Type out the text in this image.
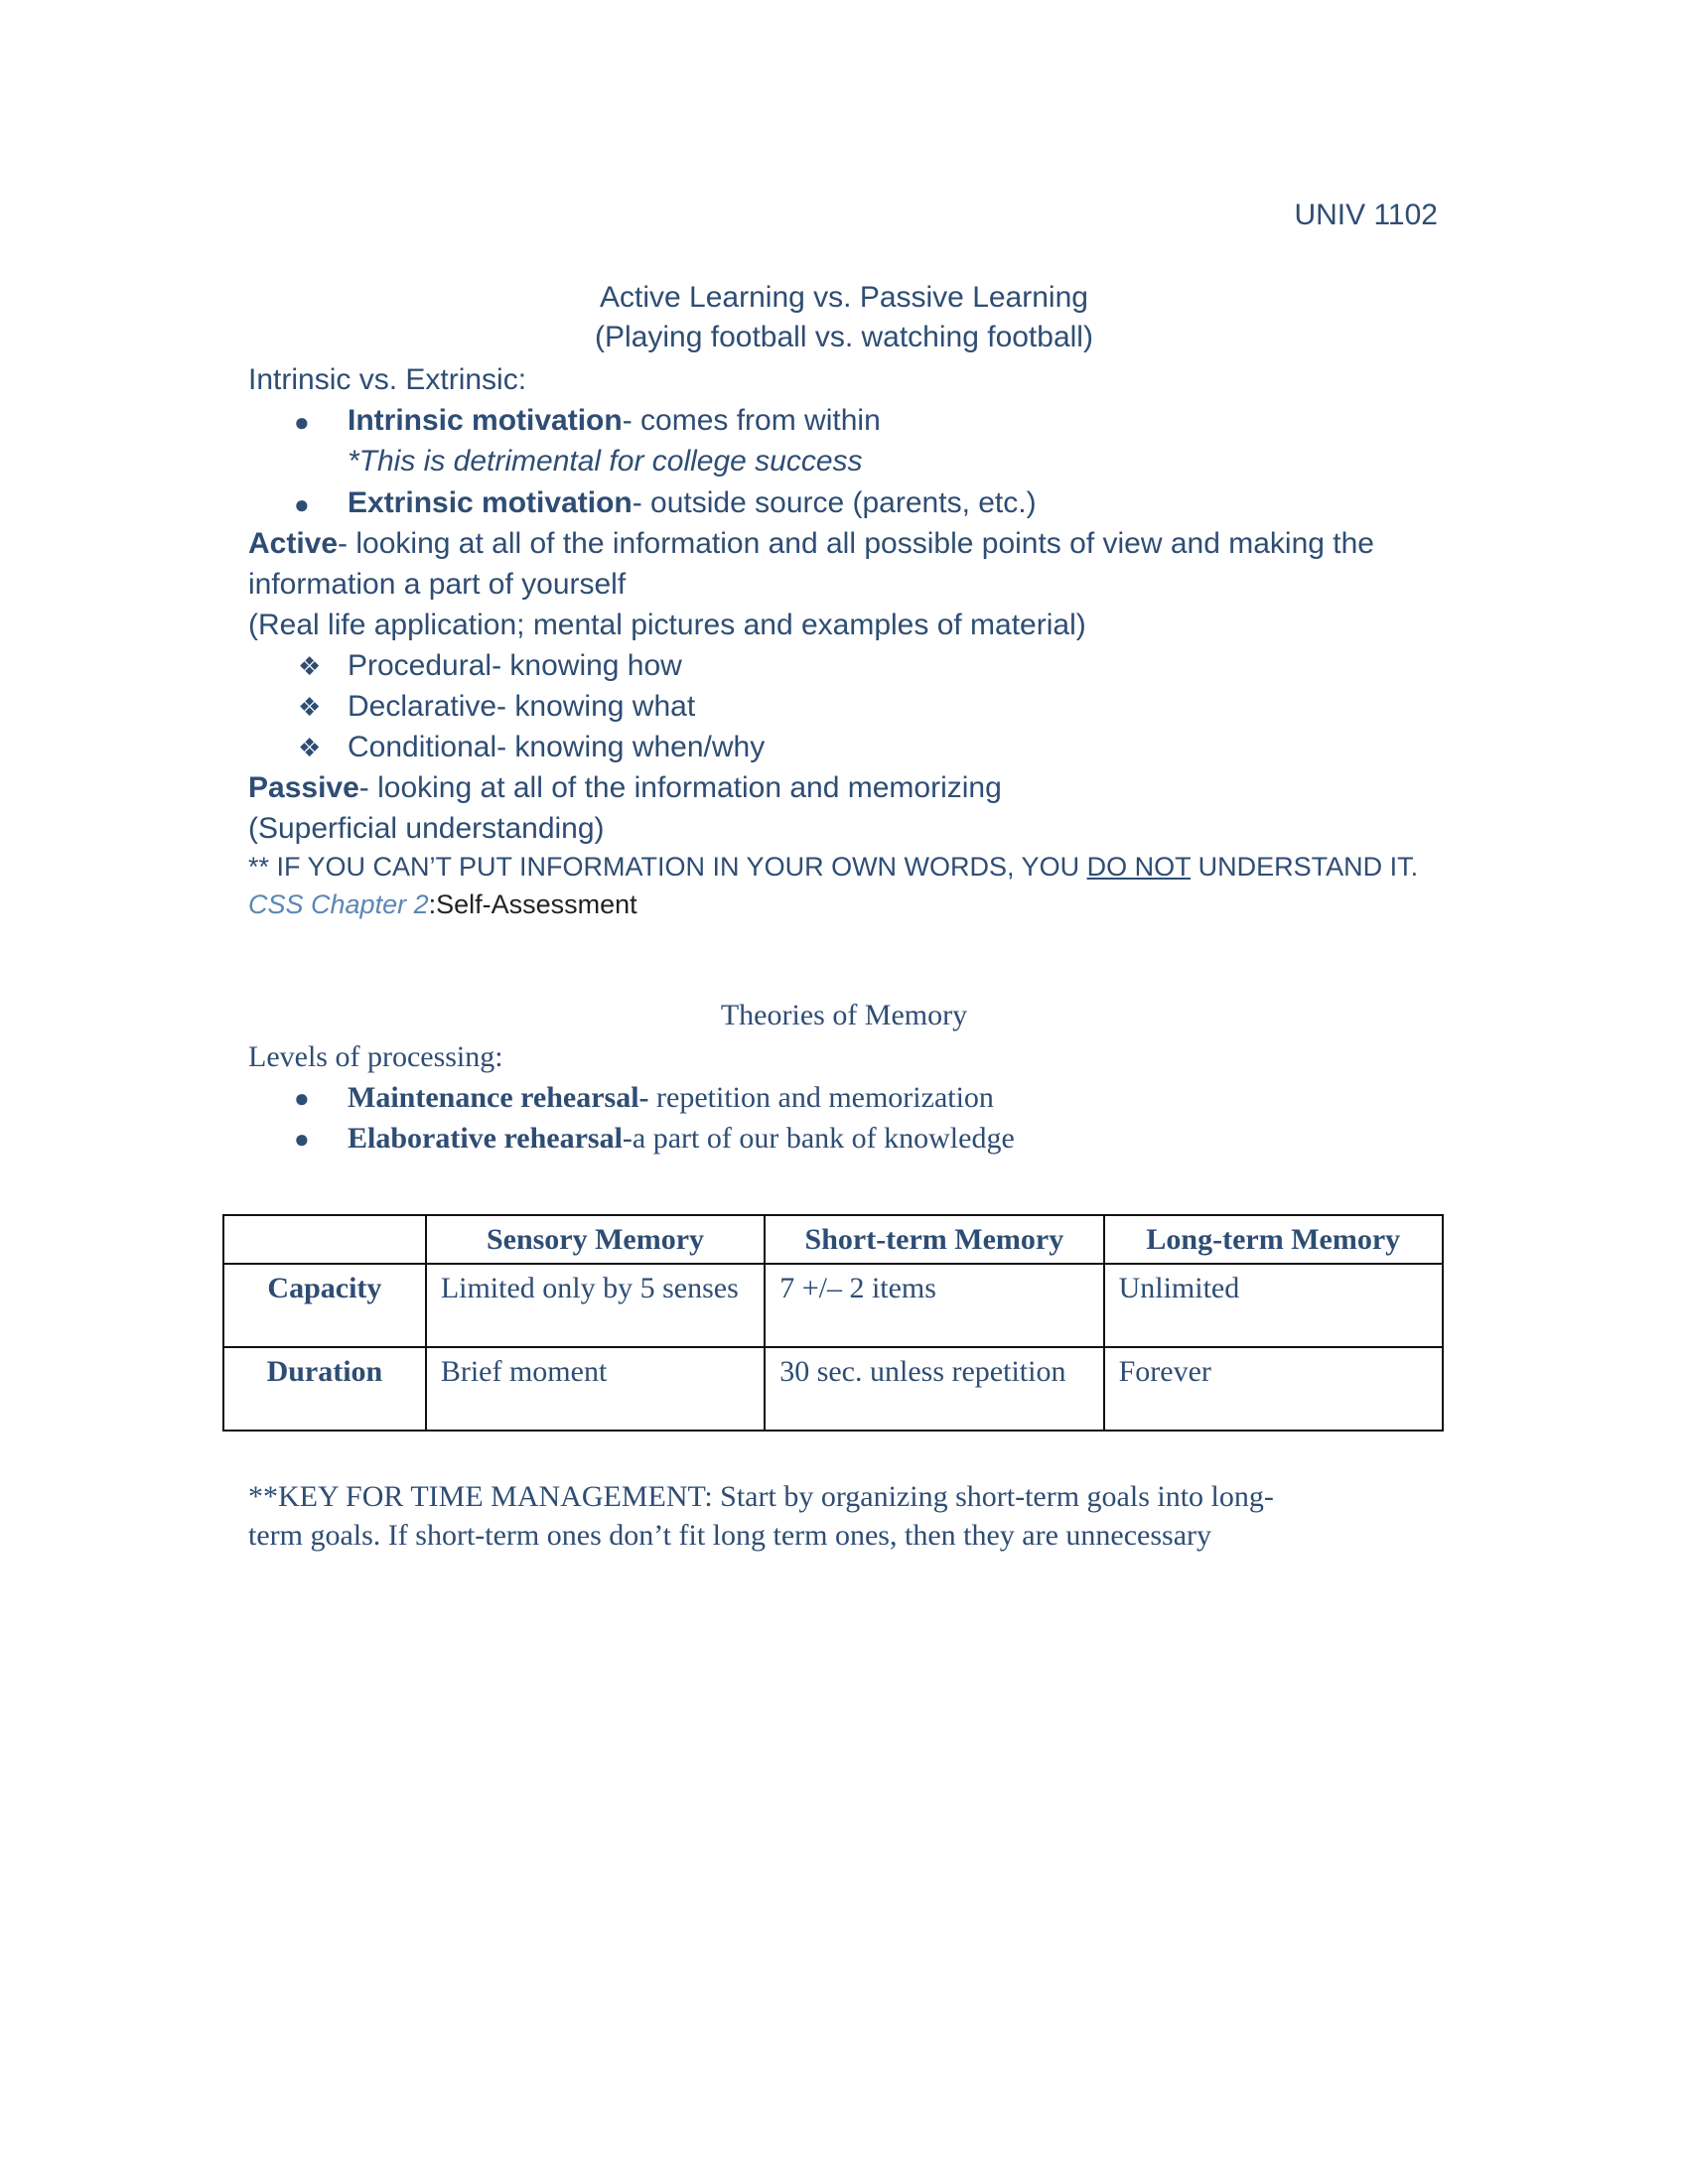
UNIV 1102
Active Learning vs. Passive Learning
(Playing football vs. watching football)
Intrinsic vs. Extrinsic:
● Intrinsic motivation- comes from within
*This is detrimental for college success
● Extrinsic motivation- outside source (parents, etc.)
Active- looking at all of the information and all possible points of view and making the
information a part of yourself
(Real life application; mental pictures and examples of material)
❖ Procedural- knowing how
❖ Declarative- knowing what
❖ Conditional- knowing when/why
Passive- looking at all of the information and memorizing
(Superficial understanding)
** IF YOU CAN’T PUT INFORMATION IN YOUR OWN WORDS, YOU DO NOT UNDERSTAND IT.
CSS Chapter 2:Self-Assessment
Theories of Memory
Levels of processing:
● Maintenance rehearsal- repetition and memorization
● Elaborative rehearsal-a part of our bank of knowledge
	Sensory Memory	Short-term Memory	Long-term Memory
Capacity	Limited only by 5 senses	7 +/– 2 items	Unlimited
Duration	Brief moment	30 sec. unless repetition	Forever
**KEY FOR TIME MANAGEMENT: Start by organizing short-term goals into long-
term goals. If short-term ones don’t fit long term ones, then they are unnecessary
